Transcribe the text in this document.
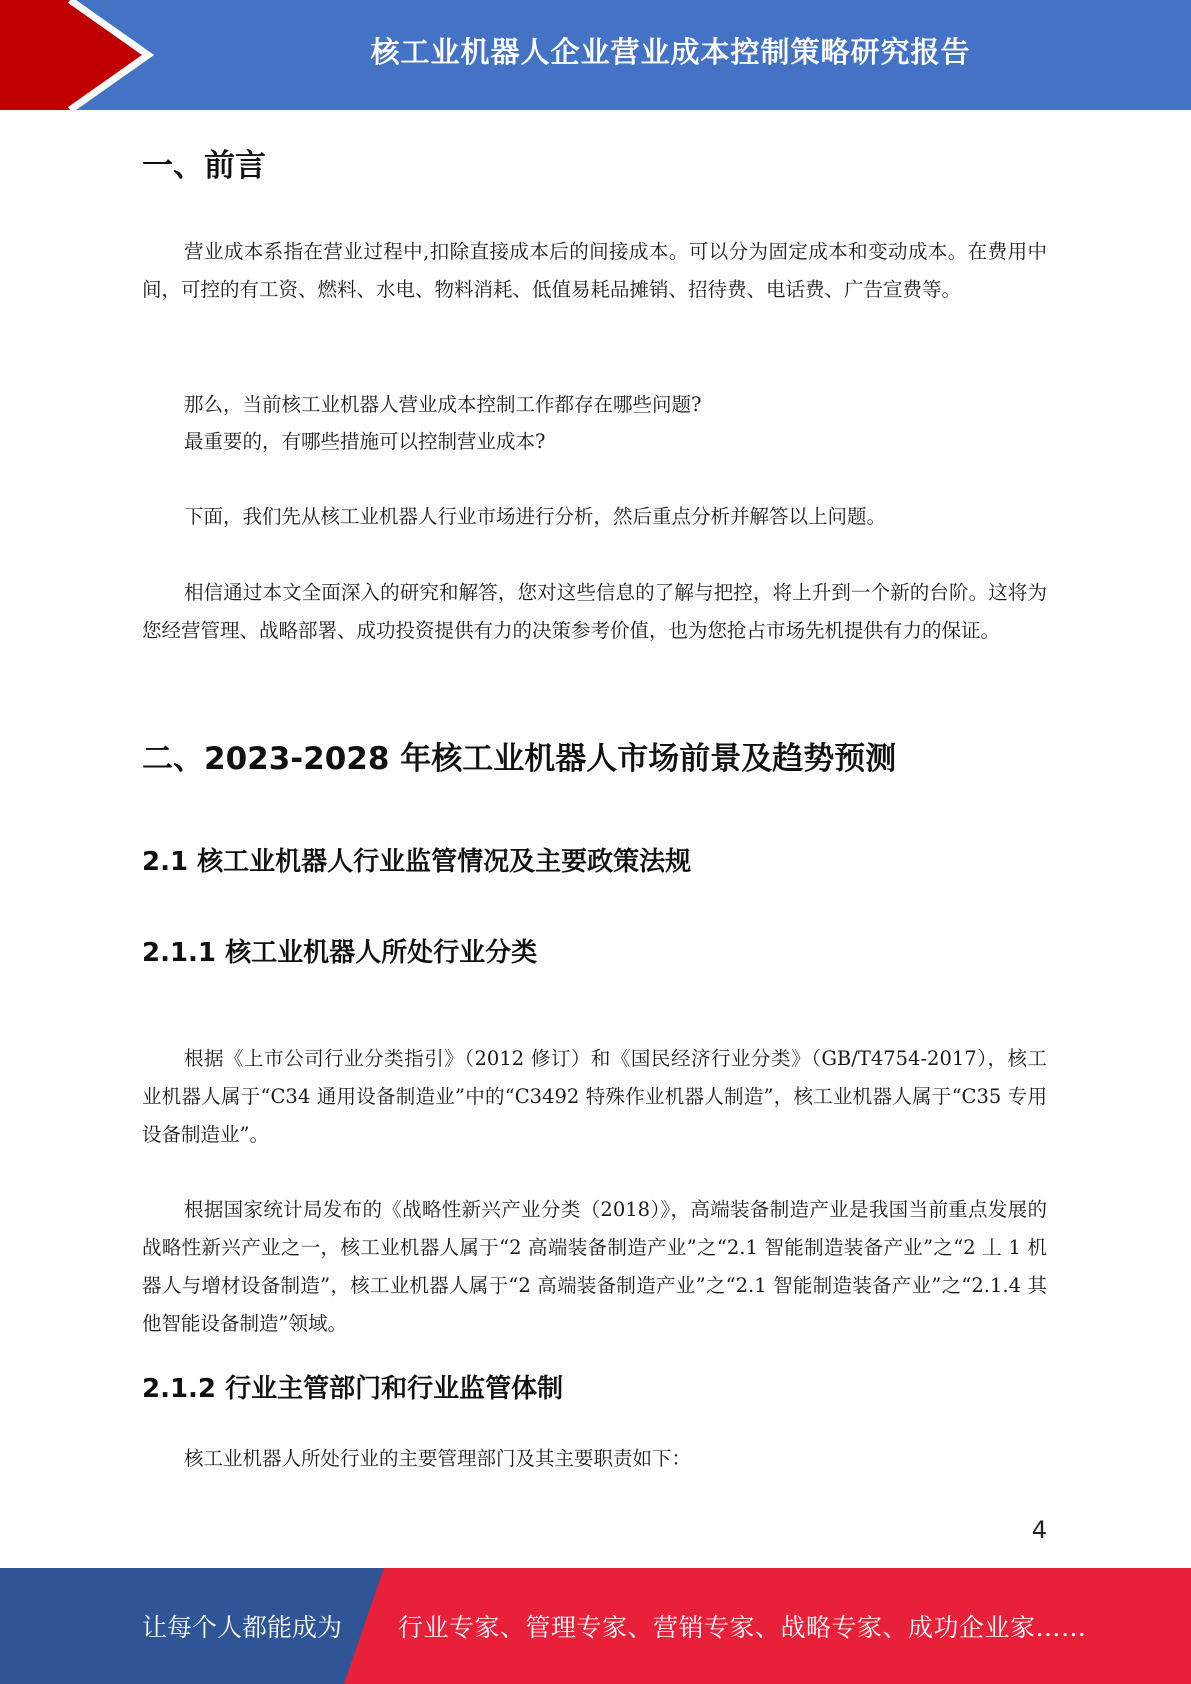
核工业机器人企业营业成本控制策略研究报告
一、前言

营业成本系指在营业过程中,扣除直接成本后的间接成本。可以分为固定成本和变动成本。在费用中间，可控的有工资、燃料、水电、物料消耗、低值易耗品摊销、招待费、电话费、广告宣费等。

那么，当前核工业机器人营业成本控制工作都存在哪些问题?
最重要的，有哪些措施可以控制营业成本?

下面，我们先从核工业机器人行业市场进行分析，然后重点分析并解答以上问题。

相信通过本文全面深入的研究和解答，您对这些信息的了解与把控，将上升到一个新的台阶。这将为您经营管理、战略部署、成功投资提供有力的决策参考价值，也为您抢占市场先机提供有力的保证。

二、2023-2028 年核工业机器人市场前景及趋势预测
2.1 核工业机器人行业监管情况及主要政策法规
2.1.1 核工业机器人所处行业分类

根据《上市公司行业分类指引》（2012 修订）和《国民经济行业分类》（GB/T4754-2017），核工业机器人属于“C34 通用设备制造业”中的“C3492 特殊作业机器人制造”，核工业机器人属于“C35 专用设备制造业”。

根据国家统计局发布的《战略性新兴产业分类（2018）》，高端装备制造产业是我国当前重点发展的战略性新兴产业之一，核工业机器人属于“2 高端装备制造产业”之“2.1 智能制造装备产业”之“2 丄 1 机器人与增材设备制造”，核工业机器人属于“2 高端装备制造产业”之“2.1 智能制造装备产业”之“2.1.4 其他智能设备制造”领域。

2.1.2 行业主管部门和行业监管体制

核工业机器人所处行业的主要管理部门及其主要职责如下：

4
让每个人都能成为 行业专家、管理专家、营销专家、战略专家、成功企业家……
